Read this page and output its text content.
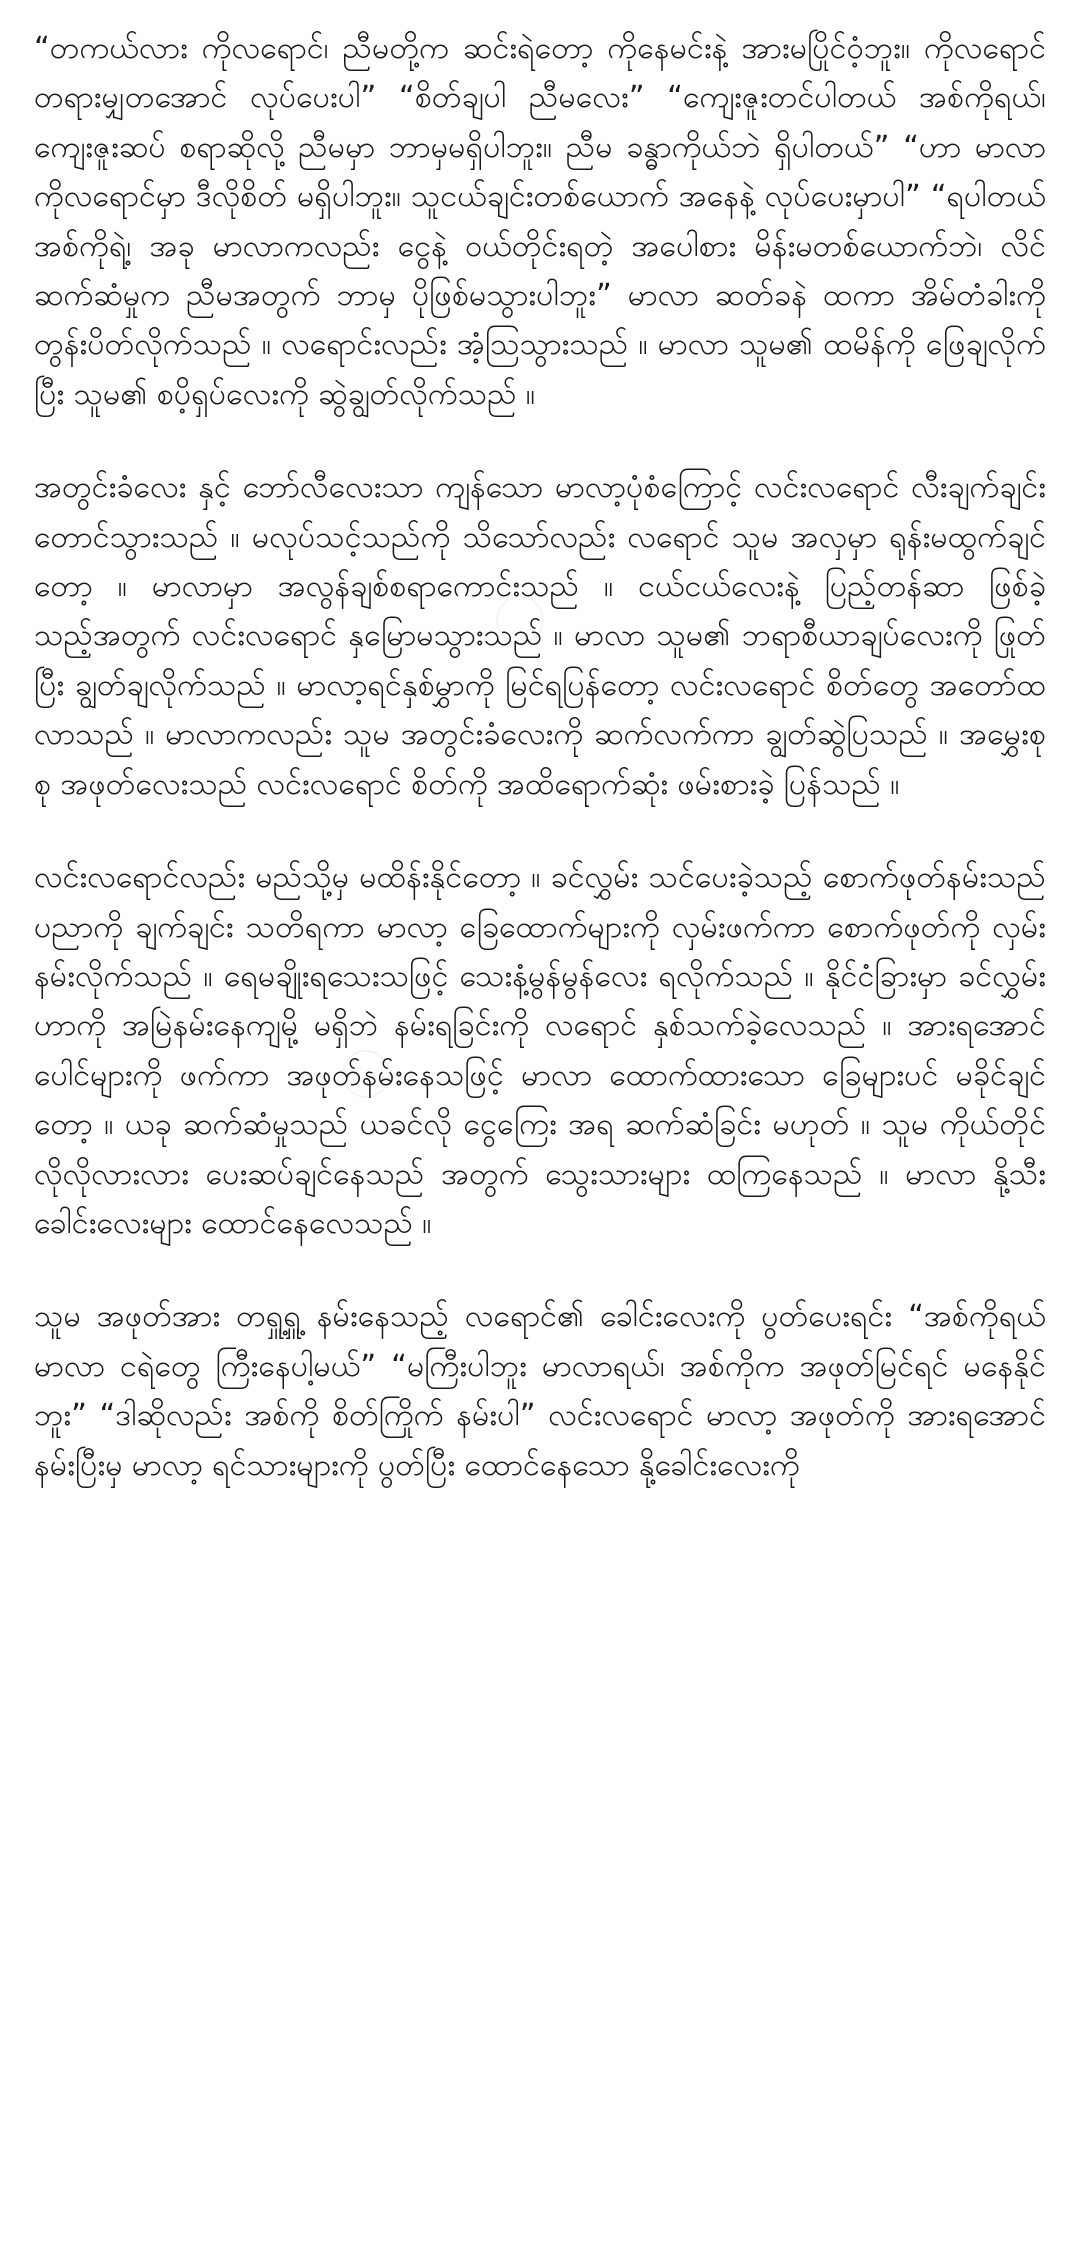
“တကယ်လား ကိုလရောင်၊ ညီမတို့က ဆင်းရဲတော့ ကိုနေမင်းနဲ့ အားမပြိုင်ဝံ့ဘူး။ ကိုလရောင် တရားမျှတအောင် လုပ်ပေးပါ” “စိတ်ချပါ ညီမလေး” “ကျေးဇူးတင်ပါတယ် အစ်ကိုရယ်၊ ကျေးဇူးဆပ် စရာဆိုလို့ ညီမမှာ ဘာမှမရှိပါဘူး။ ညီမ ခန္ဓာကိုယ်ဘဲ ရှိပါတယ်” “ဟာ မာလာ ကိုလရောင်မှာ ဒီလိုစိတ် မရှိပါဘူး။ သူငယ်ချင်းတစ်ယောက် အနေနဲ့ လုပ်ပေးမှာပါ” “ရပါတယ် အစ်ကိုရဲ့၊ အခု မာလာကလည်း ငွေနဲ့ ဝယ်တိုင်းရတဲ့ အပေါစား မိန်းမတစ်ယောက်ဘဲ၊ လိင်ဆက်ဆံမှုက ညီမအတွက် ဘာမှ ပိုဖြစ်မသွားပါဘူး” မာလာ ဆတ်ခနဲ ထကာ အိမ်တံခါးကို တွန်းပိတ်လိုက်သည် ။ လရောင်းလည်း အံ့ဩသွားသည် ။ မာလာ သူမ၏ ထမိန်ကို ဖြေချလိုက်ပြီး သူမ၏ စပိ့ရှပ်လေးကို ဆွဲချွတ်လိုက်သည် ။

အတွင်းခံလေး နှင့် ဘော်လီလေးသာ ကျန်သော မာလာ့ပုံစံကြောင့် လင်းလရောင် လီးချက်ချင်း တောင်သွားသည် ။ မလုပ်သင့်သည်ကို သိသော်လည်း လရောင် သူမ အလှမှာ ရုန်းမထွက်ချင်တော့ ။ မာလာမှာ အလွန်ချစ်စရာကောင်းသည် ။ ငယ်ငယ်လေးနဲ့ ပြည့်တန်ဆာ ဖြစ်ခဲ့သည့်အတွက် လင်းလရောင် နှမြောမသွားသည် ။ မာလာ သူမ၏ ဘရာစီယာချပ်လေးကို ဖြုတ်ပြီး ချွတ်ချလိုက်သည် ။ မာလာ့ရင်နှစ်မွှာကို မြင်ရပြန်တော့ လင်းလရောင် စိတ်တွေ အတော်ထလာသည် ။ မာလာကလည်း သူမ အတွင်းခံလေးကို ဆက်လက်ကာ ချွတ်ဆွဲပြသည် ။ အမွှေးစုစု အဖုတ်လေးသည် လင်းလရောင် စိတ်ကို အထိရောက်ဆုံး ဖမ်းစားခဲ့ ပြန်သည် ။

လင်းလရောင်လည်း မည်သို့မှ မထိန်းနိုင်တော့ ။ ခင်လွှမ်း သင်ပေးခဲ့သည့် စောက်ဖုတ်နမ်းသည် ပညာကို ချက်ချင်း သတိရကာ မာလာ့ ခြေထောက်များကို လှမ်းဖက်ကာ စောက်ဖုတ်ကို လှမ်းနမ်းလိုက်သည် ။ ရေမချိုးရသေးသဖြင့် သေးနံ့မွန်မွန်လေး ရလိုက်သည် ။ နိုင်ငံခြားမှာ ခင်လွှမ်းဟာကို အမြဲနမ်းနေကျမို့ မရှိဘဲ နမ်းရခြင်းကို လရောင် နှစ်သက်ခဲ့လေသည် ။ အားရအောင် ပေါင်များကို ဖက်ကာ အဖုတ်နမ်းနေသဖြင့် မာလာ ထောက်ထားသော ခြေများပင် မခိုင်ချင်တော့ ။ ယခု ဆက်ဆံမှုသည် ယခင်လို ငွေကြေး အရ ဆက်ဆံခြင်း မဟုတ် ။ သူမ ကိုယ်တိုင် လိုလိုလားလား ပေးဆပ်ချင်နေသည် အတွက် သွေးသားများ ထကြနေသည် ။ မာလာ နို့သီးခေါင်းလေးများ ထောင်နေလေသည် ။

သူမ အဖုတ်အား တရှူ့ရှူ့ နမ်းနေသည့် လရောင်၏ ခေါင်းလေးကို ပွတ်ပေးရင်း “အစ်ကိုရယ် မာလာ ငရဲတွေ ကြီးနေပါ့မယ်” “မကြီးပါဘူး မာလာရယ်၊ အစ်ကိုက အဖုတ်မြင်ရင် မနေနိုင်ဘူး” “ဒါဆိုလည်း အစ်ကို စိတ်ကြိုက် နမ်းပါ” လင်းလရောင် မာလာ့ အဖုတ်ကို အားရအောင် နမ်းပြီးမှ မာလာ့ ရင်သားများကို ပွတ်ပြီး ထောင်နေသော နို့ခေါင်းလေးကို
